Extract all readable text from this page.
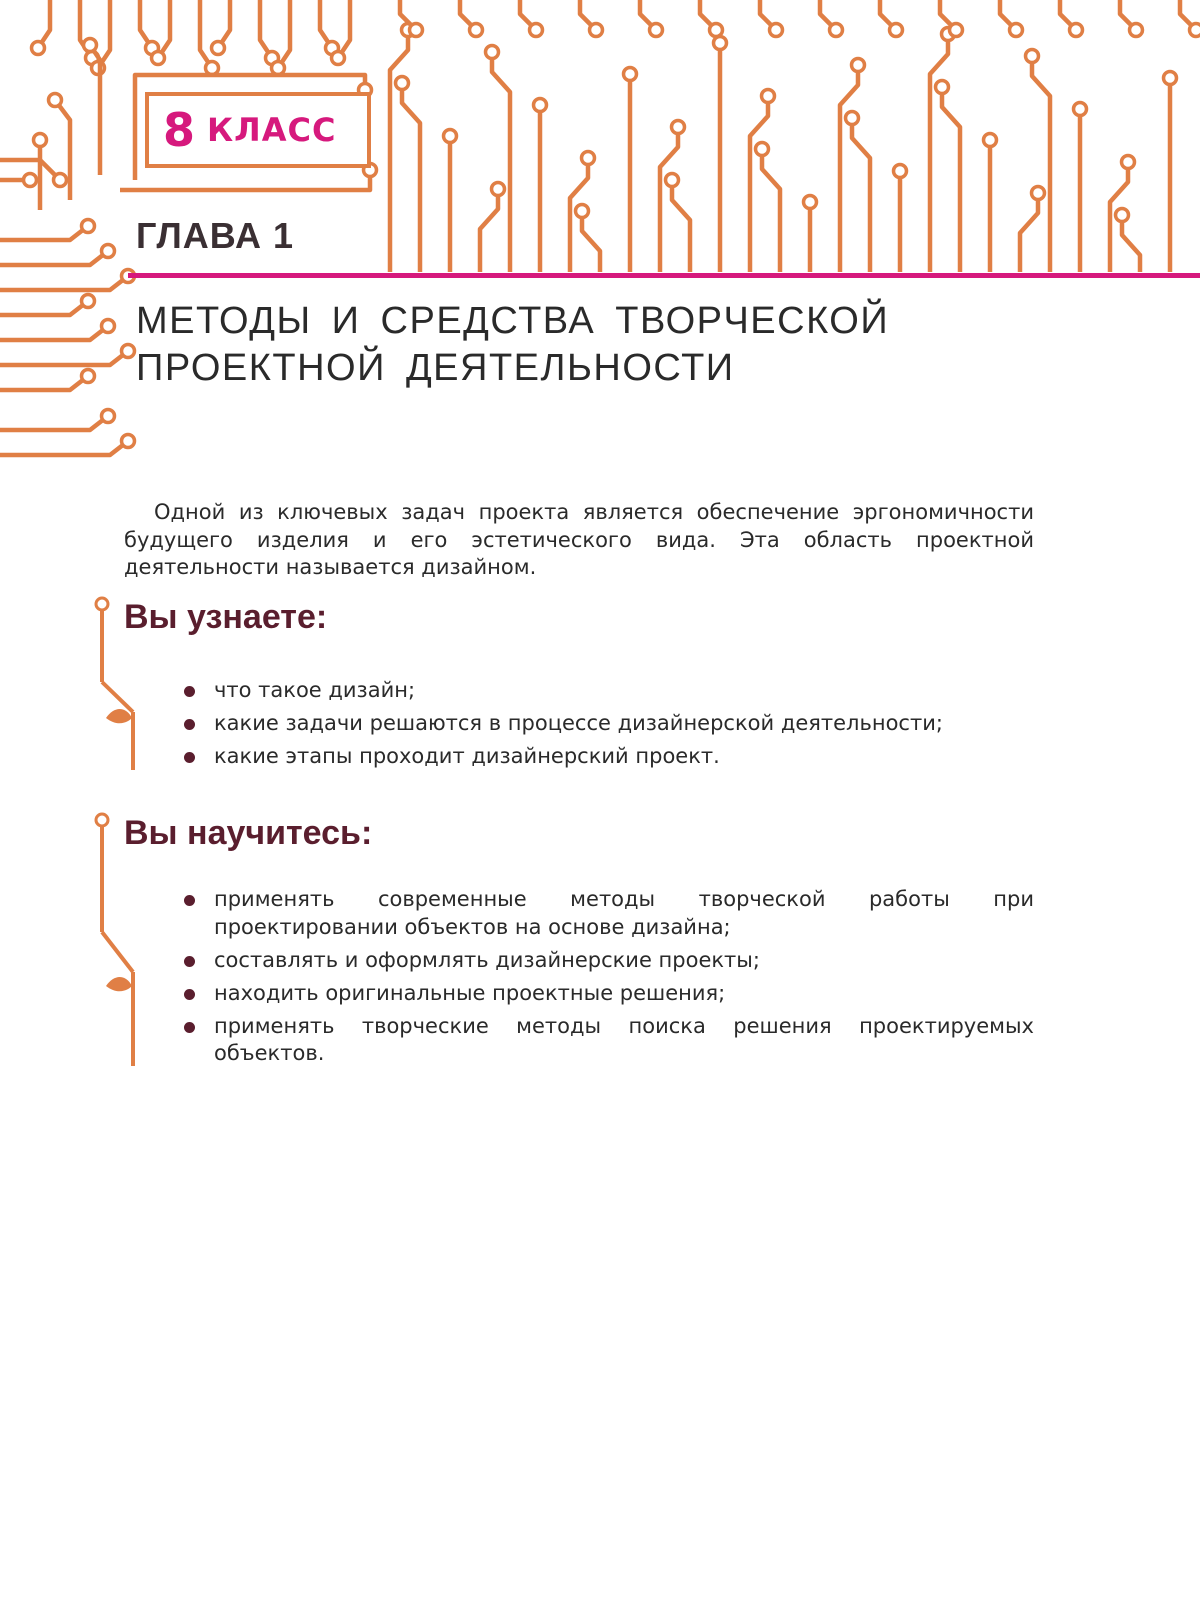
8 КЛАСС
ГЛАВА 1
МЕТОДЫ И СРЕДСТВА ТВОРЧЕСКОЙ
ПРОЕКТНОЙ ДЕЯТЕЛЬНОСТИ

Одной из ключевых задач проекта является обеспечение эргономичности будущего изделия и его эстетического вида. Эта область проектной деятельности называется дизайном.

Вы узнаете:
что такое дизайн;
какие задачи решаются в процессе дизайнерской деятельности;
какие этапы проходит дизайнерский проект.
Вы научитесь:
применять современные методы творческой работы при проектировании объектов на основе дизайна;
составлять и оформлять дизайнерские проекты;
находить оригинальные проектные решения;
применять творческие методы поиска решения проектируемых объектов.
